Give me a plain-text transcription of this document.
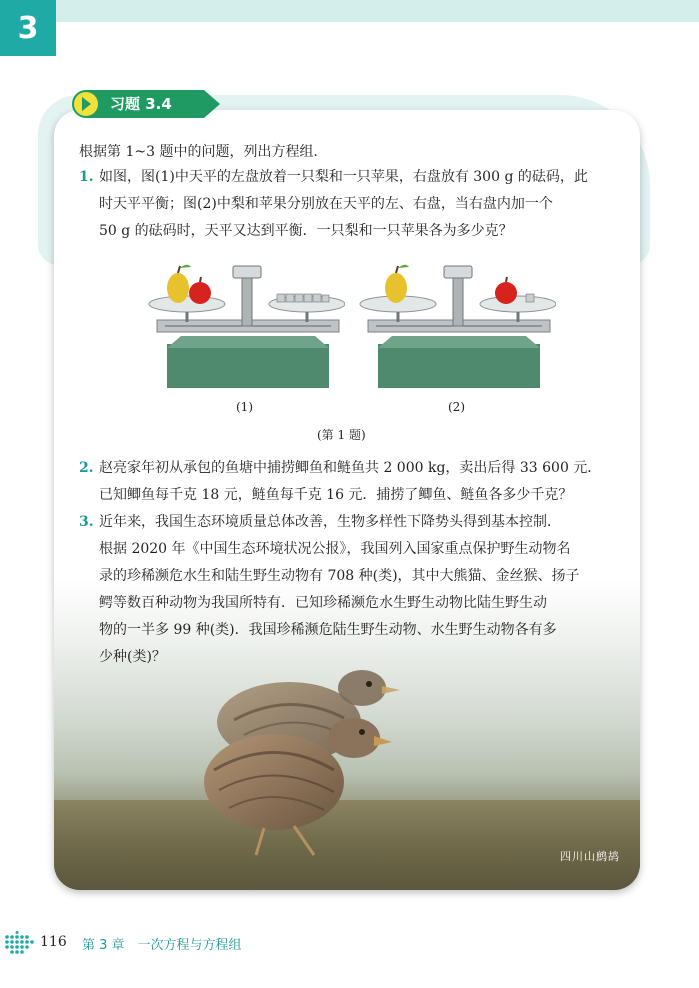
3
四川山鹧鸪
习题 3.4
根据第 1~3 题中的问题，列出方程组．
1. 如图，图(1)中天平的左盘放着一只梨和一只苹果，右盘放有 300 g 的砝码，此
时天平平衡；图(2)中梨和苹果分别放在天平的左、右盘，当右盘内加一个
50 g 的砝码时，天平又达到平衡．一只梨和一只苹果各为多少克？
(1)	(2)
(第 1 题)
2. 赵亮家年初从承包的鱼塘中捕捞鲫鱼和鲢鱼共 2 000 kg，卖出后得 33 600 元．
已知鲫鱼每千克 18 元，鲢鱼每千克 16 元．捕捞了鲫鱼、鲢鱼各多少千克？
3. 近年来，我国生态环境质量总体改善，生物多样性下降势头得到基本控制．
根据 2020 年《中国生态环境状况公报》，我国列入国家重点保护野生动物名
录的珍稀濒危水生和陆生野生动物有 708 种(类)，其中大熊猫、金丝猴、扬子
鳄等数百种动物为我国所特有．已知珍稀濒危水生野生动物比陆生野生动
物的一半多 99 种(类)．我国珍稀濒危陆生野生动物、水生野生动物各有多
少种(类)？
116 第 3 章　一次方程与方程组
